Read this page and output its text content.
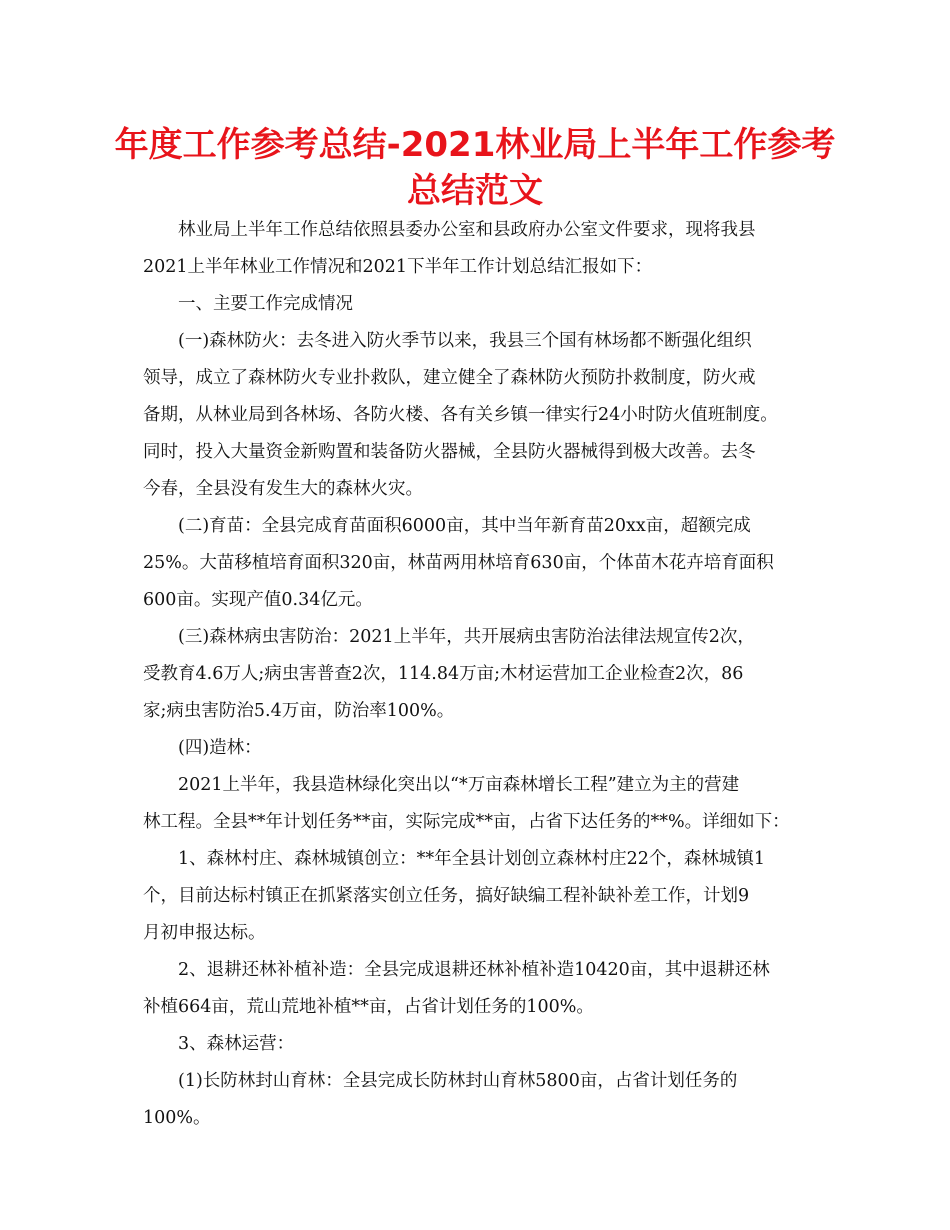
年度工作参考总结-2021林业局上半年工作参考
总结范文
林业局上半年工作总结依照县委办公室和县政府办公室文件要求，现将我县
2021上半年林业工作情况和2021下半年工作计划总结汇报如下：
一、主要工作完成情况
(一)森林防火：去冬进入防火季节以来，我县三个国有林场都不断强化组织
领导，成立了森林防火专业扑救队，建立健全了森林防火预防扑救制度，防火戒
备期，从林业局到各林场、各防火楼、各有关乡镇一律实行24小时防火值班制度。
同时，投入大量资金新购置和装备防火器械，全县防火器械得到极大改善。去冬
今春，全县没有发生大的森林火灾。
(二)育苗：全县完成育苗面积6000亩，其中当年新育苗20xx亩，超额完成
25%。大苗移植培育面积320亩，林苗两用林培育630亩，个体苗木花卉培育面积
600亩。实现产值0.34亿元。
(三)森林病虫害防治：2021上半年，共开展病虫害防治法律法规宣传2次，
受教育4.6万人;病虫害普查2次，114.84万亩;木材运营加工企业检查2次，86
家;病虫害防治5.4万亩，防治率100%。
(四)造林：
2021上半年，我县造林绿化突出以“*万亩森林增长工程”建立为主的营建
林工程。全县**年计划任务**亩，实际完成**亩，占省下达任务的**%。详细如下：
1、森林村庄、森林城镇创立：**年全县计划创立森林村庄22个，森林城镇1
个，目前达标村镇正在抓紧落实创立任务，搞好缺编工程补缺补差工作，计划9
月初申报达标。
2、退耕还林补植补造：全县完成退耕还林补植补造10420亩，其中退耕还林
补植664亩，荒山荒地补植**亩，占省计划任务的100%。
3、森林运营：
(1)长防林封山育林：全县完成长防林封山育林5800亩，占省计划任务的
100%。
